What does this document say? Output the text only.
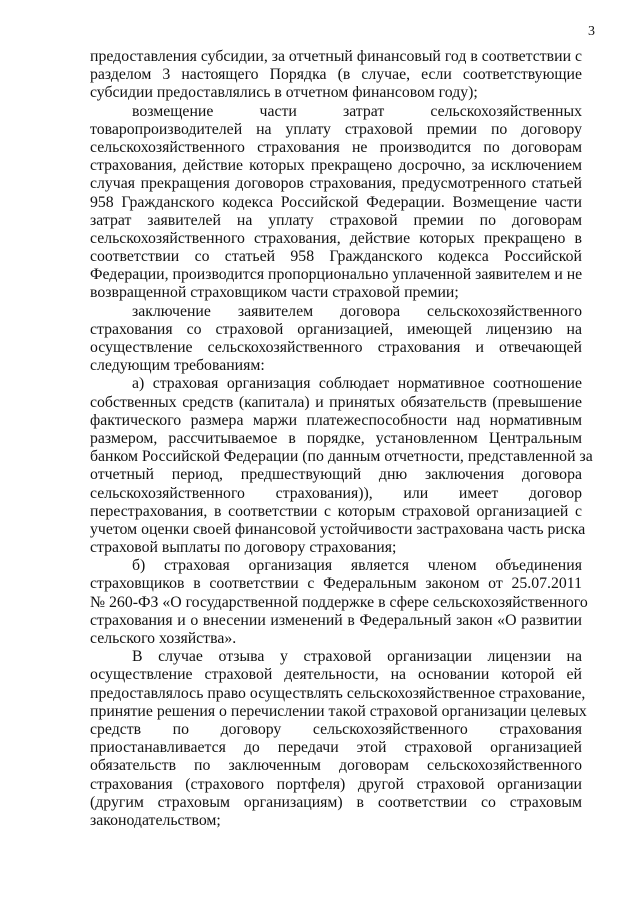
3
предоставления субсидии, за отчетный финансовый год в соответствии с
разделом 3 настоящего Порядка (в случае, если соответствующие
субсидии предоставлялись в отчетном финансовом году);
возмещение части затрат сельскохозяйственных
товаропроизводителей на уплату страховой премии по договору
сельскохозяйственного страхования не производится по договорам
страхования, действие которых прекращено досрочно, за исключением
случая прекращения договоров страхования, предусмотренного статьей
958 Гражданского кодекса Российской Федерации. Возмещение части
затрат заявителей на уплату страховой премии по договорам
сельскохозяйственного страхования, действие которых прекращено в
соответствии со статьей 958 Гражданского кодекса Российской
Федерации, производится пропорционально уплаченной заявителем и не
возвращенной страховщиком части страховой премии;
заключение заявителем договора сельскохозяйственного
страхования со страховой организацией, имеющей лицензию на
осуществление сельскохозяйственного страхования и отвечающей
следующим требованиям:
а) страховая организация соблюдает нормативное соотношение
собственных средств (капитала) и принятых обязательств (превышение
фактического размера маржи платежеспособности над нормативным
размером, рассчитываемое в порядке, установленном Центральным
банком Российской Федерации (по данным отчетности, представленной за
отчетный период, предшествующий дню заключения договора
сельскохозяйственного страхования)), или имеет договор
перестрахования, в соответствии с которым страховой организацией с
учетом оценки своей финансовой устойчивости застрахована часть риска
страховой выплаты по договору страхования;
б) страховая организация является членом объединения
страховщиков в соответствии с Федеральным законом от 25.07.2011
№ 260-ФЗ «О государственной поддержке в сфере сельскохозяйственного
страхования и о внесении изменений в Федеральный закон «О развитии
сельского хозяйства».
В случае отзыва у страховой организации лицензии на
осуществление страховой деятельности, на основании которой ей
предоставлялось право осуществлять сельскохозяйственное страхование,
принятие решения о перечислении такой страховой организации целевых
средств по договору сельскохозяйственного страхования
приостанавливается до передачи этой страховой организацией
обязательств по заключенным договорам сельскохозяйственного
страхования (страхового портфеля) другой страховой организации
(другим страховым организациям) в соответствии со страховым
законодательством;
